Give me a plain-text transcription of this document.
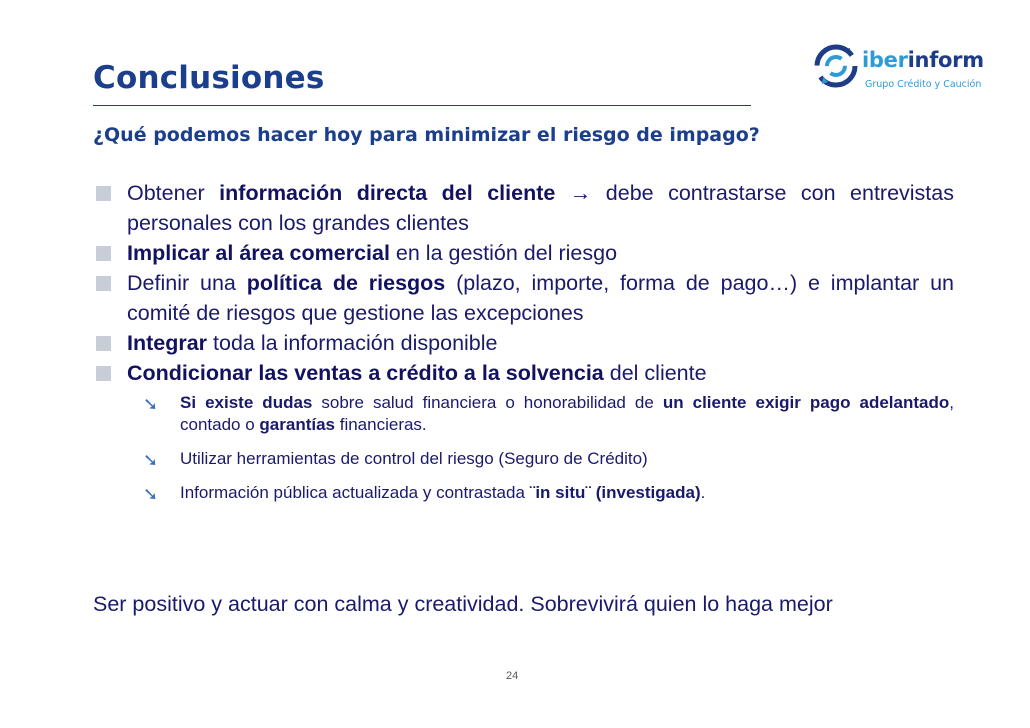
Conclusiones	iberinform
Grupo Crédito y Caución
¿Qué podemos hacer hoy para minimizar el riesgo de impago?
Obtener información directa del cliente → debe contrastarse con entrevistas personales con los grandes clientes
Implicar al área comercial en la gestión del riesgo
Definir una política de riesgos (plazo, importe, forma de pago…) e implantar un comité de riesgos que gestione las excepciones
Integrar toda la información disponible
Condicionar las ventas a crédito a la solvencia del cliente
➘ Si existe dudas sobre salud financiera o honorabilidad de un cliente exigir pago adelantado, contado o garantías financieras.
➘ Utilizar herramientas de control del riesgo (Seguro de Crédito)
➘ Información pública actualizada y contrastada ¨in situ¨ (investigada).
Ser positivo y actuar con calma y creatividad. Sobrevivirá quien lo haga mejor
24
